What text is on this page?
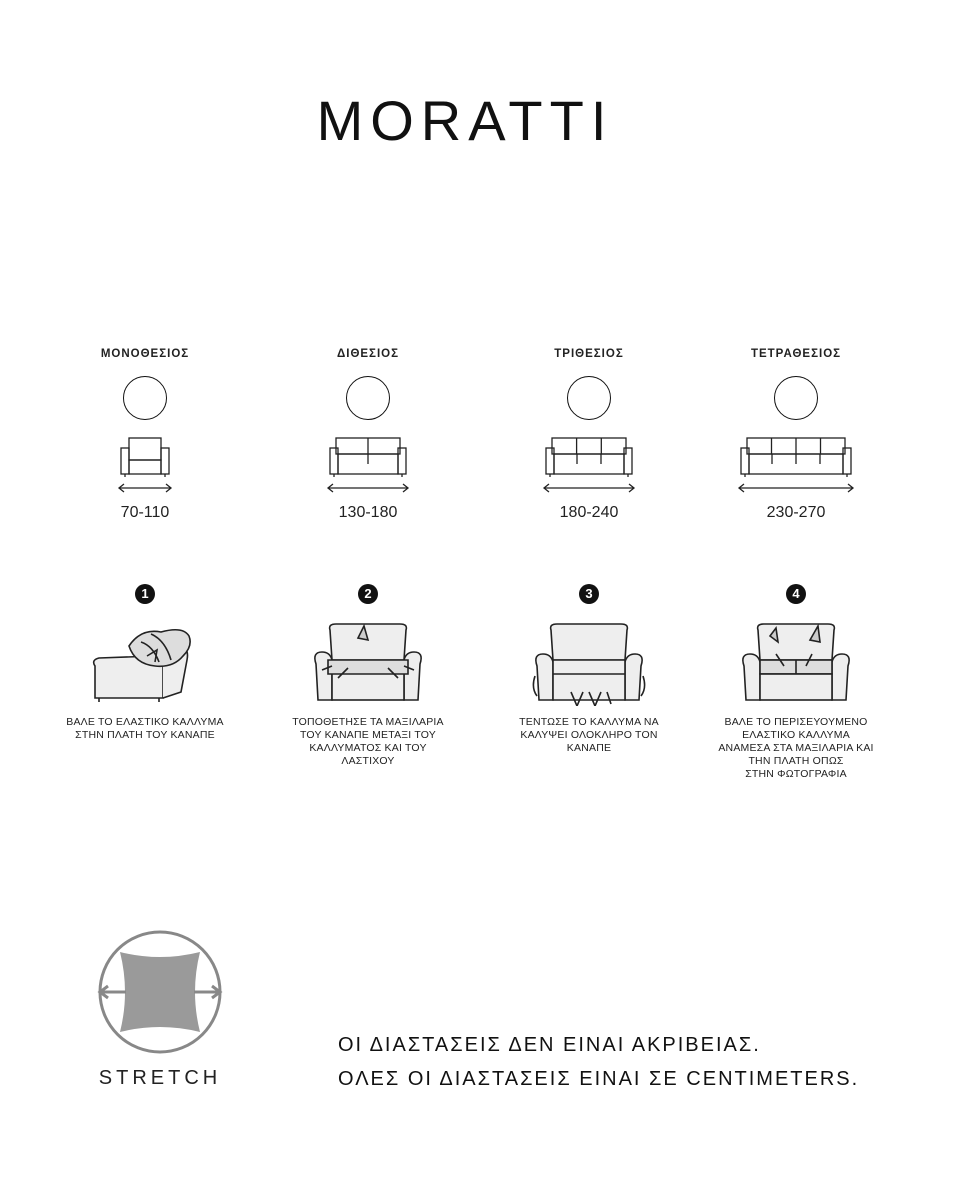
MORATTI
ΜΟΝΟΘΕΣΙΟΣ
70-110
ΔΙΘΕΣΙΟΣ
130-180
ΤΡΙΘΕΣΙΟΣ
180-240
ΤΕΤΡΑΘΕΣΙΟΣ
230-270
1
ΒΑΛΕ ΤΟ ΕΛΑΣΤΙΚΟ ΚΑΛΛΥΜΑ
ΣΤΗΝ ΠΛΑΤΗ ΤΟΥ ΚΑΝΑΠΕ
2
ΤΟΠΟΘΕΤΗΣΕ ΤΑ ΜΑΞΙΛΑΡΙΑ
ΤΟΥ ΚΑΝΑΠΕ ΜΕΤΑΞΙ ΤΟΥ
ΚΑΛΛΥΜΑΤΟΣ ΚΑΙ ΤΟΥ
ΛΑΣΤΙΧΟΥ
3
ΤΕΝΤΩΣΕ ΤΟ ΚΑΛΛΥΜΑ ΝΑ
ΚΑΛΥΨΕΙ ΟΛΟΚΛΗΡΟ ΤΟΝ
ΚΑΝΑΠΕ
4
ΒΑΛΕ ΤΟ ΠΕΡΙΣΕΥΟΥΜΕΝΟ
ΕΛΑΣΤΙΚΟ ΚΑΛΛΥΜΑ
ΑΝΑΜΕΣΑ ΣΤΑ ΜΑΞΙΛΑΡΙΑ ΚΑΙ
ΤΗΝ ΠΛΑΤΗ ΟΠΩΣ
ΣΤΗΝ ΦΩΤΟΓΡΑΦΙΑ
STRETCH
ΟΙ ΔΙΑΣΤΑΣΕΙΣ ΔΕΝ ΕΙΝΑΙ ΑΚΡΙΒΕΙΑΣ.
ΟΛΕΣ ΟΙ ΔΙΑΣΤΑΣΕΙΣ ΕΙΝΑΙ ΣΕ CENTIMETERS.
